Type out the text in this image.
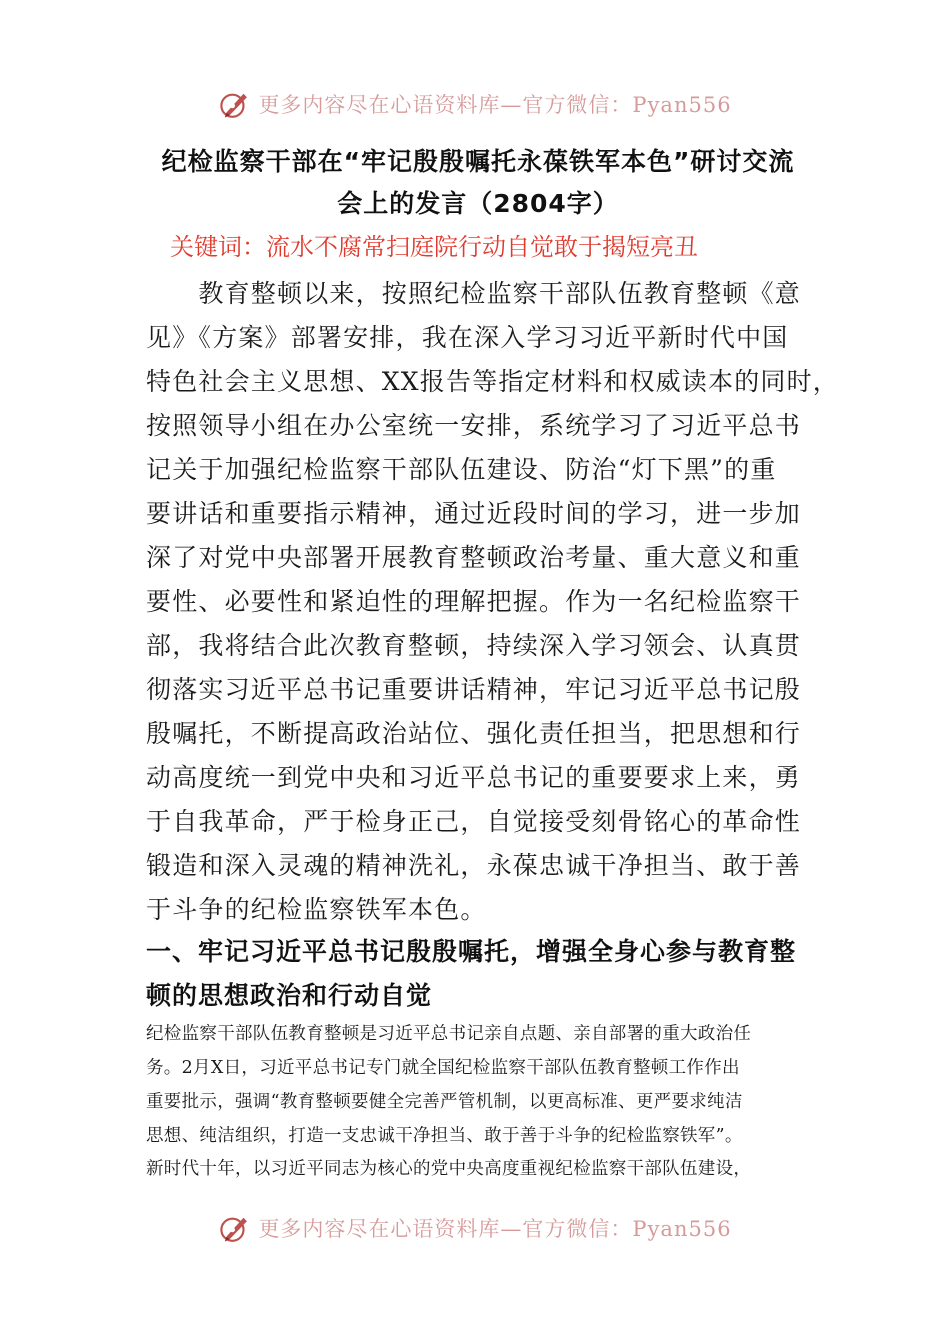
更多内容尽在心语资料库—官方微信：Pyan556
纪检监察干部在“牢记殷殷嘱托永葆铁军本色”研讨交流
会上的发言（2804字）
关键词：流水不腐常扫庭院行动自觉敢于揭短亮丑
　　教育整顿以来，按照纪检监察干部队伍教育整顿《意
见》《方案》部署安排，我在深入学习习近平新时代中国
特色社会主义思想、XX报告等指定材料和权威读本的同时，
按照领导小组在办公室统一安排，系统学习了习近平总书
记关于加强纪检监察干部队伍建设、防治“灯下黑”的重
要讲话和重要指示精神，通过近段时间的学习，进一步加
深了对党中央部署开展教育整顿政治考量、重大意义和重
要性、必要性和紧迫性的理解把握。作为一名纪检监察干
部，我将结合此次教育整顿，持续深入学习领会、认真贯
彻落实习近平总书记重要讲话精神，牢记习近平总书记殷
殷嘱托，不断提高政治站位、强化责任担当，把思想和行
动高度统一到党中央和习近平总书记的重要要求上来，勇
于自我革命，严于检身正己，自觉接受刻骨铭心的革命性
锻造和深入灵魂的精神洗礼，永葆忠诚干净担当、敢于善
于斗争的纪检监察铁军本色。
一、牢记习近平总书记殷殷嘱托，增强全身心参与教育整
顿的思想政治和行动自觉
纪检监察干部队伍教育整顿是习近平总书记亲自点题、亲自部署的重大政治任
务。2月X日，习近平总书记专门就全国纪检监察干部队伍教育整顿工作作出
重要批示，强调“教育整顿要健全完善严管机制，以更高标准、更严要求纯洁
思想、纯洁组织，打造一支忠诚干净担当、敢于善于斗争的纪检监察铁军”。
新时代十年，以习近平同志为核心的党中央高度重视纪检监察干部队伍建设，
更多内容尽在心语资料库—官方微信：Pyan556
